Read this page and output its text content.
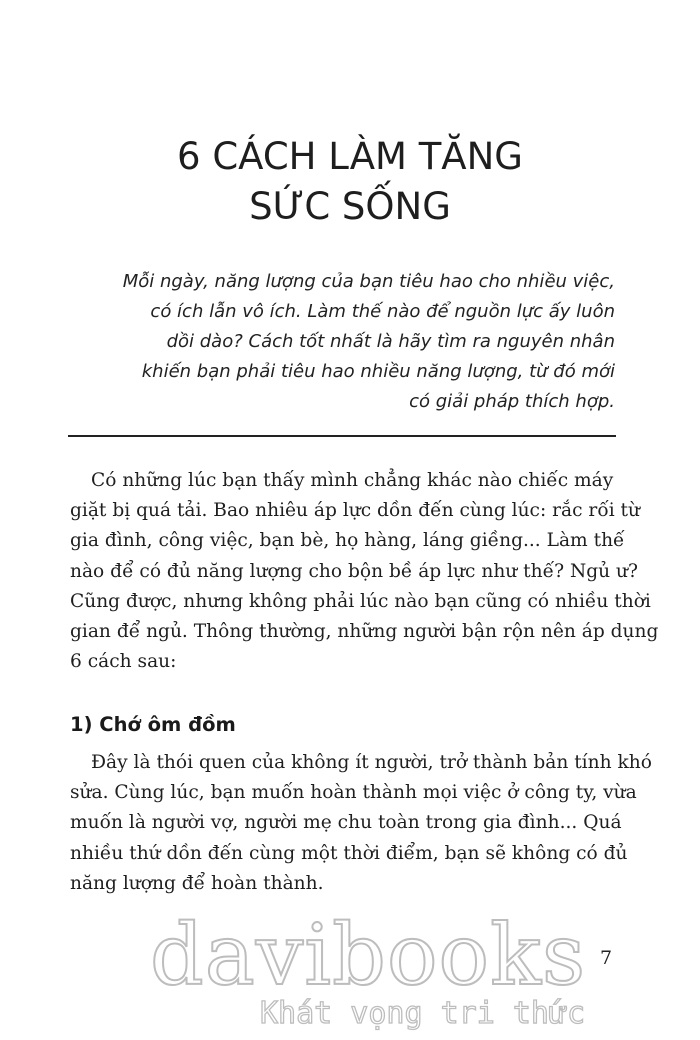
6 CÁCH LÀM TĂNG
SỨC SỐNG
Mỗi ngày, năng lượng của bạn tiêu hao cho nhiều việc,
có ích lẫn vô ích. Làm thế nào để nguồn lực ấy luôn
dồi dào? Cách tốt nhất là hãy tìm ra nguyên nhân
khiến bạn phải tiêu hao nhiều năng lượng, từ đó mới
có giải pháp thích hợp.
Có những lúc bạn thấy mình chẳng khác nào chiếc máy
giặt bị quá tải. Bao nhiêu áp lực dồn đến cùng lúc: rắc rối từ
gia đình, công việc, bạn bè, họ hàng, láng giềng... Làm thế
nào để có đủ năng lượng cho bộn bề áp lực như thế? Ngủ ư?
Cũng được, nhưng không phải lúc nào bạn cũng có nhiều thời
gian để ngủ. Thông thường, những người bận rộn nên áp dụng
6 cách sau:
1) Chớ ôm đồm
Đây là thói quen của không ít người, trở thành bản tính khó
sửa. Cùng lúc, bạn muốn hoàn thành mọi việc ở công ty, vừa
muốn là người vợ, người mẹ chu toàn trong gia đình... Quá
nhiều thứ dồn đến cùng một thời điểm, bạn sẽ không có đủ
năng lượng để hoàn thành.
davibooks
Khát vọng tri thức
7
